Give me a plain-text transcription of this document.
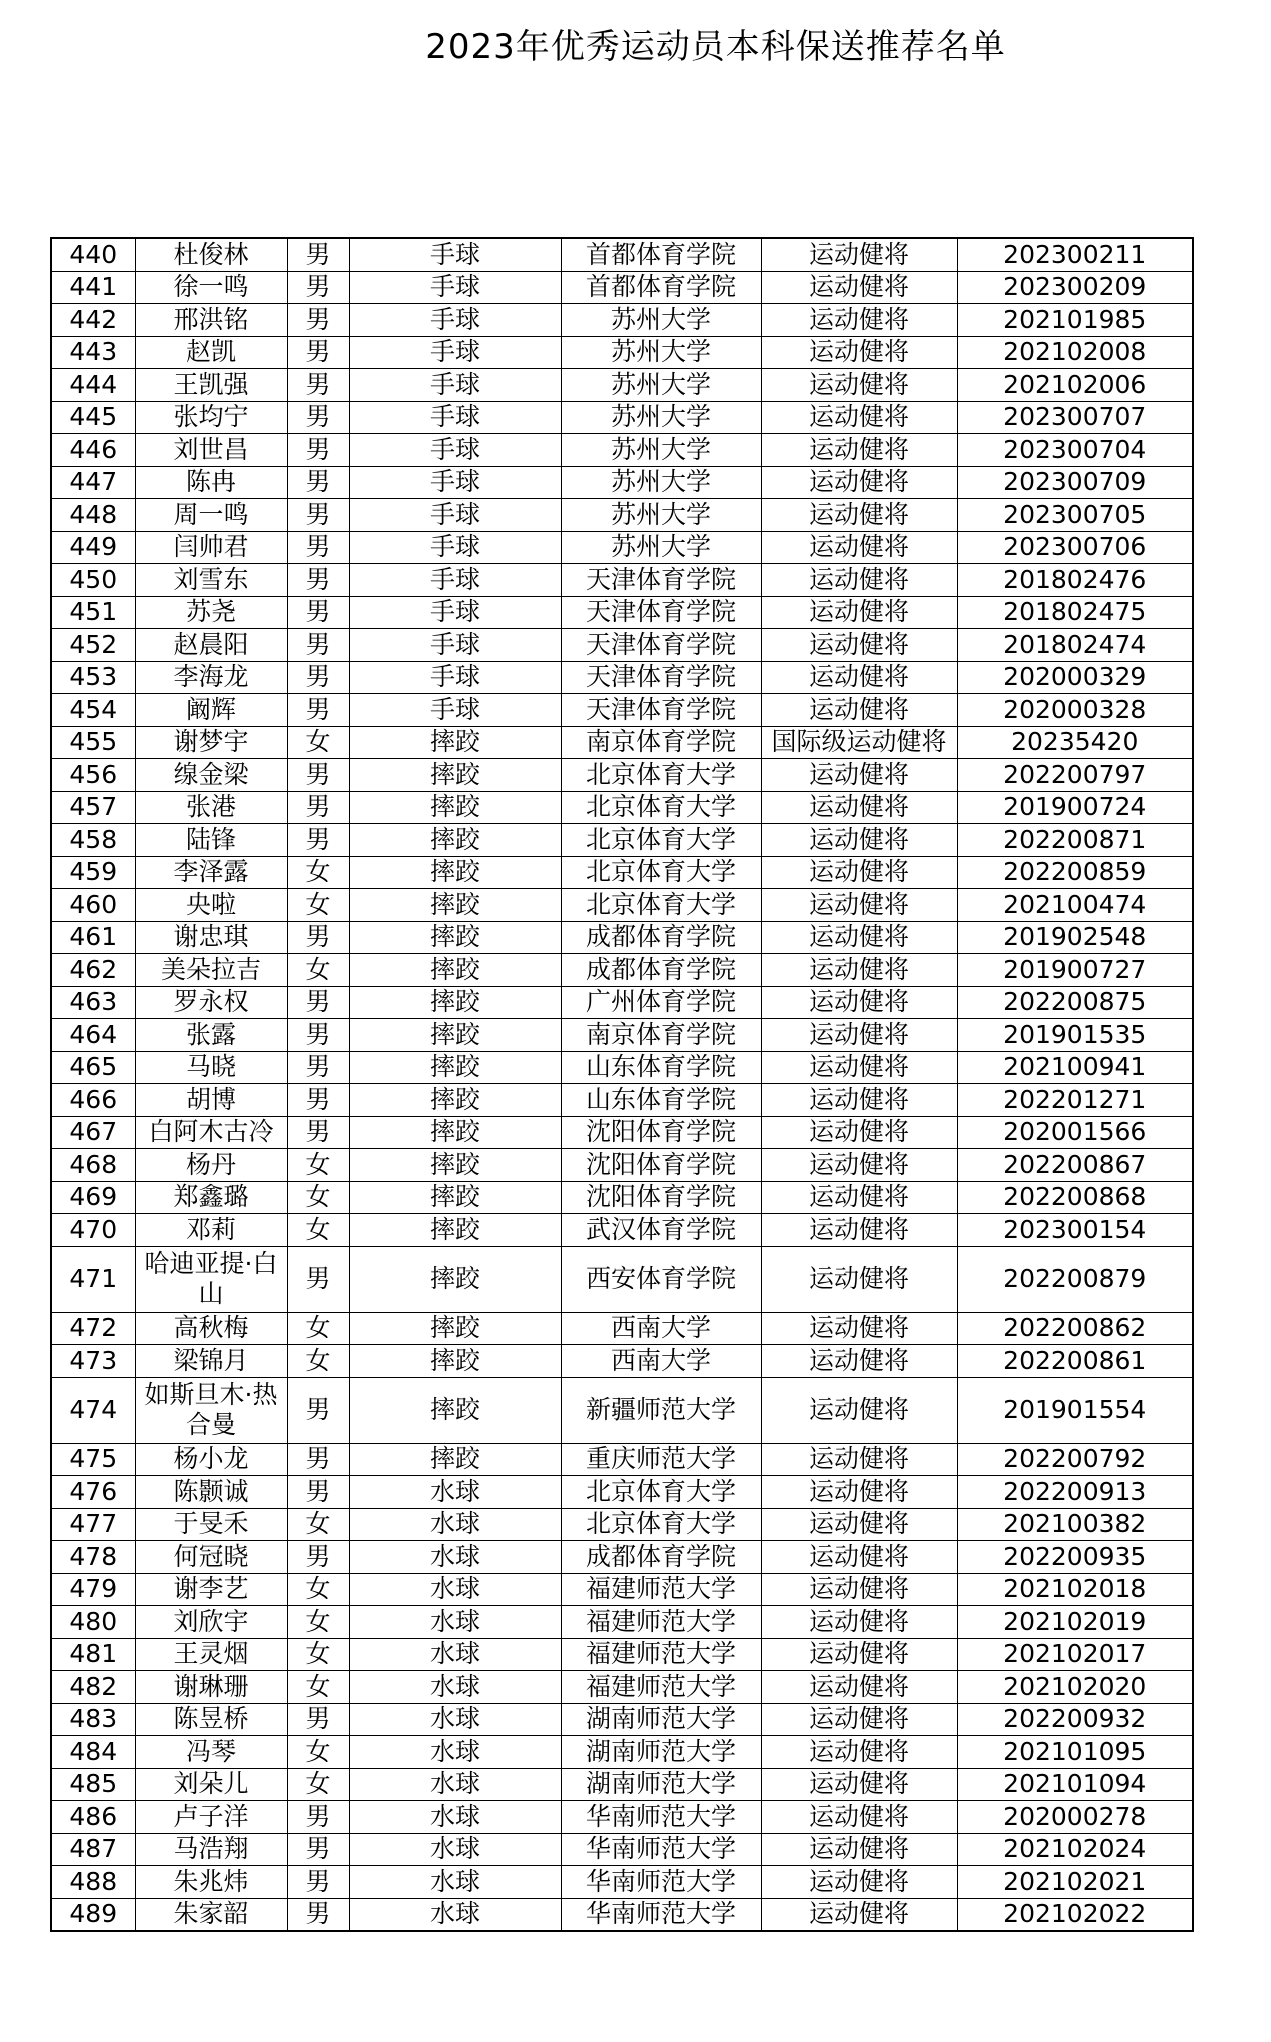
2023年优秀运动员本科保送推荐名单
440	杜俊林	男	手球	首都体育学院	运动健将	202300211
441	徐一鸣	男	手球	首都体育学院	运动健将	202300209
442	邢洪铭	男	手球	苏州大学	运动健将	202101985
443	赵凯	男	手球	苏州大学	运动健将	202102008
444	王凯强	男	手球	苏州大学	运动健将	202102006
445	张均宁	男	手球	苏州大学	运动健将	202300707
446	刘世昌	男	手球	苏州大学	运动健将	202300704
447	陈冉	男	手球	苏州大学	运动健将	202300709
448	周一鸣	男	手球	苏州大学	运动健将	202300705
449	闫帅君	男	手球	苏州大学	运动健将	202300706
450	刘雪东	男	手球	天津体育学院	运动健将	201802476
451	苏尧	男	手球	天津体育学院	运动健将	201802475
452	赵晨阳	男	手球	天津体育学院	运动健将	201802474
453	李海龙	男	手球	天津体育学院	运动健将	202000329
454	阚辉	男	手球	天津体育学院	运动健将	202000328
455	谢梦宇	女	摔跤	南京体育学院	国际级运动健将	20235420
456	缐金梁	男	摔跤	北京体育大学	运动健将	202200797
457	张港	男	摔跤	北京体育大学	运动健将	201900724
458	陆锋	男	摔跤	北京体育大学	运动健将	202200871
459	李泽露	女	摔跤	北京体育大学	运动健将	202200859
460	央啦	女	摔跤	北京体育大学	运动健将	202100474
461	谢忠琪	男	摔跤	成都体育学院	运动健将	201902548
462	美朵拉吉	女	摔跤	成都体育学院	运动健将	201900727
463	罗永权	男	摔跤	广州体育学院	运动健将	202200875
464	张露	男	摔跤	南京体育学院	运动健将	201901535
465	马晓	男	摔跤	山东体育学院	运动健将	202100941
466	胡博	男	摔跤	山东体育学院	运动健将	202201271
467	白阿木古冷	男	摔跤	沈阳体育学院	运动健将	202001566
468	杨丹	女	摔跤	沈阳体育学院	运动健将	202200867
469	郑鑫璐	女	摔跤	沈阳体育学院	运动健将	202200868
470	邓莉	女	摔跤	武汉体育学院	运动健将	202300154
471	哈迪亚提·白山	男	摔跤	西安体育学院	运动健将	202200879
472	高秋梅	女	摔跤	西南大学	运动健将	202200862
473	梁锦月	女	摔跤	西南大学	运动健将	202200861
474	如斯旦木·热合曼	男	摔跤	新疆师范大学	运动健将	201901554
475	杨小龙	男	摔跤	重庆师范大学	运动健将	202200792
476	陈颢诚	男	水球	北京体育大学	运动健将	202200913
477	于旻禾	女	水球	北京体育大学	运动健将	202100382
478	何冠晓	男	水球	成都体育学院	运动健将	202200935
479	谢李艺	女	水球	福建师范大学	运动健将	202102018
480	刘欣宇	女	水球	福建师范大学	运动健将	202102019
481	王灵烟	女	水球	福建师范大学	运动健将	202102017
482	谢琳珊	女	水球	福建师范大学	运动健将	202102020
483	陈昱桥	男	水球	湖南师范大学	运动健将	202200932
484	冯琴	女	水球	湖南师范大学	运动健将	202101095
485	刘朵儿	女	水球	湖南师范大学	运动健将	202101094
486	卢子洋	男	水球	华南师范大学	运动健将	202000278
487	马浩翔	男	水球	华南师范大学	运动健将	202102024
488	朱兆炜	男	水球	华南师范大学	运动健将	202102021
489	朱家韶	男	水球	华南师范大学	运动健将	202102022
